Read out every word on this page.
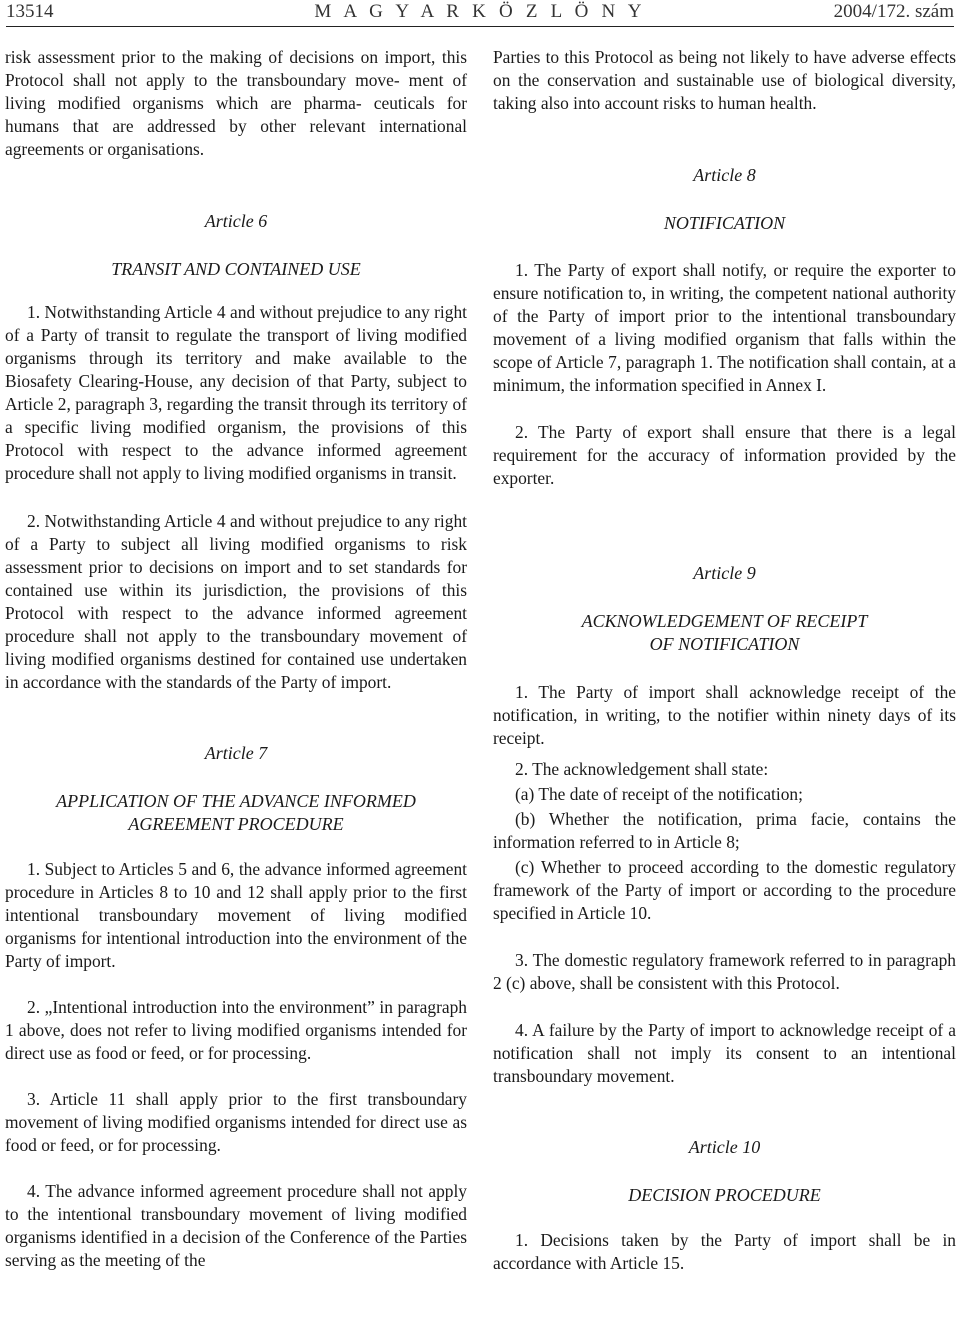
13514	M A G Y A R K Ö Z L Ö N Y	2004/172. szám

risk assessment prior to the making of decisions on import, this Protocol shall not apply to the transboundary move- ment of living modified organisms which are pharma- ceuticals for humans that are addressed by other relevant international agreements or organisations.

Article 6
TRANSIT AND CONTAINED USE

1. Notwithstanding Article 4 and without prejudice to any right of a Party of transit to regulate the transport of living modified organisms through its territory and make available to the Biosafety Clearing-House, any decision of that Party, subject to Article 2, paragraph 3, regarding the transit through its territory of a specific living modified organism, the provisions of this Protocol with respect to the advance informed agreement procedure shall not apply to living modified organisms in transit.

2. Notwithstanding Article 4 and without prejudice to any right of a Party to subject all living modified organisms to risk assessment prior to decisions on import and to set standards for contained use within its jurisdiction, the provisions of this Protocol with respect to the advance informed agreement procedure shall not apply to the transboundary movement of living modified organisms destined for contained use undertaken in accordance with the standards of the Party of import.

Article 7
APPLICATION OF THE ADVANCE INFORMED
AGREEMENT PROCEDURE

1. Subject to Articles 5 and 6, the advance informed agreement procedure in Articles 8 to 10 and 12 shall apply prior to the first intentional transboundary movement of living modified organisms for intentional introduction into the environment of the Party of import.

2. „Intentional introduction into the environment” in paragraph 1 above, does not refer to living modified organisms intended for direct use as food or feed, or for processing.

3. Article 11 shall apply prior to the first transboundary movement of living modified organisms intended for direct use as food or feed, or for processing.

4. The advance informed agreement procedure shall not apply to the intentional transboundary movement of living modified organisms identified in a decision of the Conference of the Parties serving as the meeting of the

Parties to this Protocol as being not likely to have adverse effects on the conservation and sustainable use of biological diversity, taking also into account risks to human health.

Article 8
NOTIFICATION

1. The Party of export shall notify, or require the exporter to ensure notification to, in writing, the competent national authority of the Party of import prior to the intentional transboundary movement of a living modified organism that falls within the scope of Article 7, paragraph 1. The notification shall contain, at a minimum, the information specified in Annex I.

2. The Party of export shall ensure that there is a legal requirement for the accuracy of information provided by the exporter.

Article 9
ACKNOWLEDGEMENT OF RECEIPT
OF NOTIFICATION

1. The Party of import shall acknowledge receipt of the notification, in writing, to the notifier within ninety days of its receipt.

2. The acknowledgement shall state:

(a) The date of receipt of the notification;

(b) Whether the notification, prima facie, contains the information referred to in Article 8;

(c) Whether to proceed according to the domestic regulatory framework of the Party of import or according to the procedure specified in Article 10.

3. The domestic regulatory framework referred to in paragraph 2 (c) above, shall be consistent with this Protocol.

4. A failure by the Party of import to acknowledge receipt of a notification shall not imply its consent to an intentional transboundary movement.

Article 10
DECISION PROCEDURE

1. Decisions taken by the Party of import shall be in accordance with Article 15.
